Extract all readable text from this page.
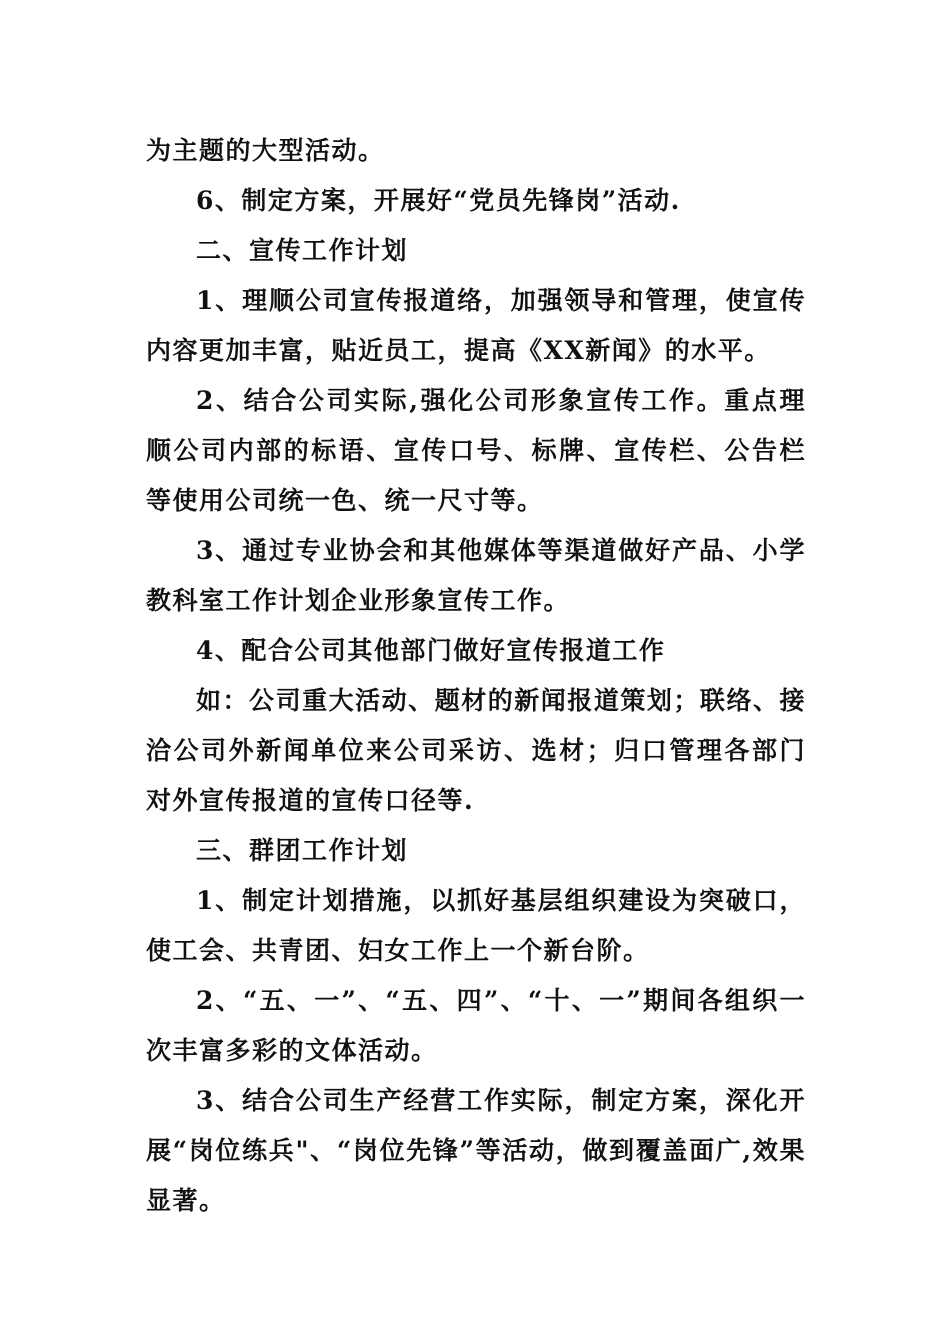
为主题的大型活动。

6、制定方案，开展好“党员先锋岗”活动.

二、宣传工作计划

1、理顺公司宣传报道络，加强领导和管理，使宣传内容更加丰富，贴近员工，提高《XX新闻》的水平。

2、结合公司实际,强化公司形象宣传工作。重点理顺公司内部的标语、宣传口号、标牌、宣传栏、公告栏等使用公司统一色、统一尺寸等。

3、通过专业协会和其他媒体等渠道做好产品、小学教科室工作计划企业形象宣传工作。

4、配合公司其他部门做好宣传报道工作

如：公司重大活动、题材的新闻报道策划；联络、接洽公司外新闻单位来公司采访、选材；归口管理各部门对外宣传报道的宣传口径等.

三、群团工作计划

1、制定计划措施，以抓好基层组织建设为突破口，使工会、共青团、妇女工作上一个新台阶。

2、“五、一”、“五、四”、“十、一”期间各组织一次丰富多彩的文体活动。

3、结合公司生产经营工作实际，制定方案，深化开展“岗位练兵"、“岗位先锋”等活动，做到覆盖面广,效果显著。
